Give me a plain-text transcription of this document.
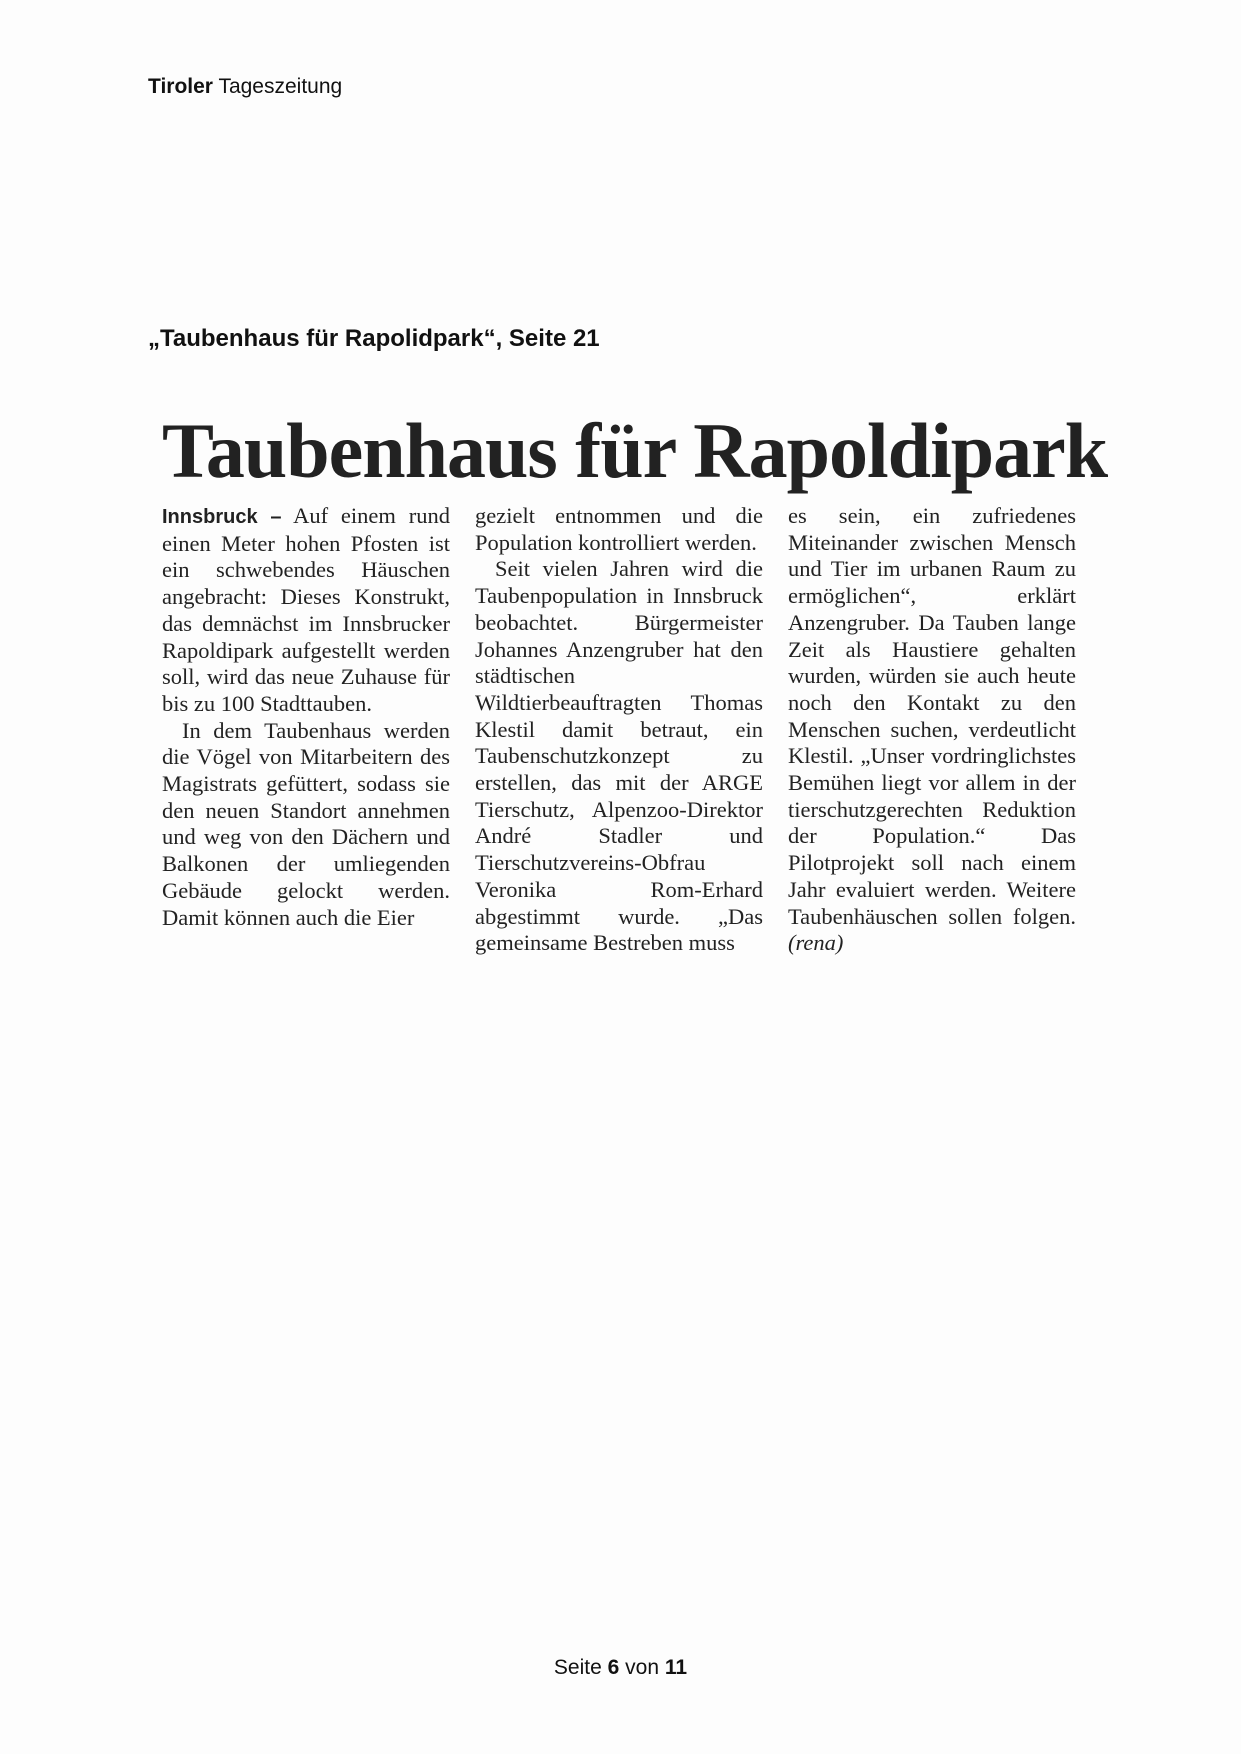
Tiroler Tageszeitung
„Taubenhaus für Rapolidpark“, Seite 21
Taubenhaus für Rapoldipark

Innsbruck – Auf einem rund einen Meter hohen Pfosten ist ein schwebendes Häuschen angebracht: Dieses Konstrukt, das demnächst im Innsbrucker Rapoldipark aufgestellt werden soll, wird das neue Zuhause für bis zu 100 Stadttauben.

In dem Taubenhaus werden die Vögel von Mitarbeitern des Magistrats gefüttert, sodass sie den neuen Standort annehmen und weg von den Dächern und Balkonen der umliegenden Gebäude gelockt werden. Damit können auch die Eier

gezielt entnommen und die Population kontrolliert werden.

Seit vielen Jahren wird die Taubenpopulation in Innsbruck beobachtet. Bürgermeister Johannes Anzengruber hat den städtischen Wildtierbeauftragten Thomas Klestil damit betraut, ein Taubenschutzkonzept zu erstellen, das mit der ARGE Tierschutz, Alpenzoo-Direktor André Stadler und Tierschutzvereins-Obfrau Veronika Rom-Erhard abgestimmt wurde. „Das gemeinsame Bestreben muss

es sein, ein zufriedenes Miteinander zwischen Mensch und Tier im urbanen Raum zu ermöglichen“, erklärt Anzengruber. Da Tauben lange Zeit als Haustiere gehalten wurden, würden sie auch heute noch den Kontakt zu den Menschen suchen, verdeutlicht Klestil. „Unser vordringlichstes Bemühen liegt vor allem in der tierschutzgerechten Reduktion der Population.“ Das Pilotprojekt soll nach einem Jahr evaluiert werden. Weitere Taubenhäuschen sollen folgen. (rena)

Seite 6 von 11
